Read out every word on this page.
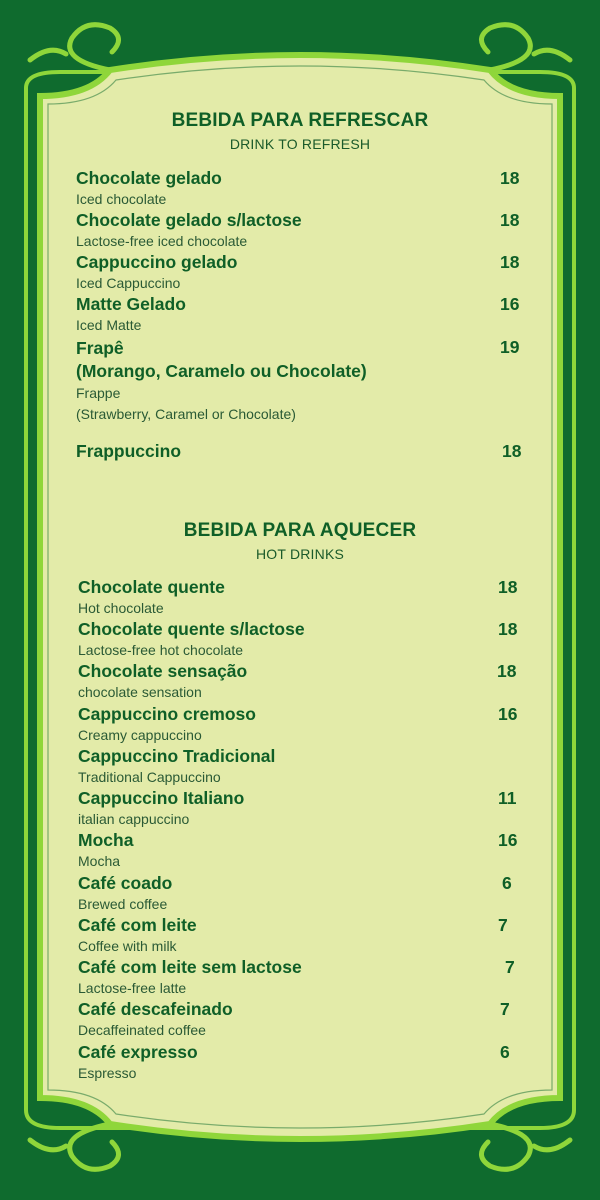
BEBIDA PARA REFRESCAR
DRINK TO REFRESH
Chocolate gelado
Iced chocolate
18
Chocolate gelado s/lactose
Lactose-free iced chocolate
18
Cappuccino gelado
Iced Cappuccino
18
Matte Gelado
Iced Matte
16
Frapê
(Morango, Caramelo ou Chocolate)
Frappe
(Strawberry, Caramel or Chocolate)
19
Frappuccino	18
BEBIDA PARA AQUECER
HOT DRINKS
Chocolate quente
Hot chocolate
18
Chocolate quente s/lactose
Lactose-free hot chocolate
18
Chocolate sensação
chocolate sensation
18
Cappuccino cremoso
Creamy cappuccino
16
Cappuccino Tradicional
Traditional Cappuccino
Cappuccino Italiano
italian cappuccino
11
Mocha
Mocha
16
Café coado
Brewed coffee
6
Café com leite
Coffee with milk
7
Café com leite sem lactose
Lactose-free latte
7
Café descafeinado
Decaffeinated coffee
7
Café expresso
Espresso
6
